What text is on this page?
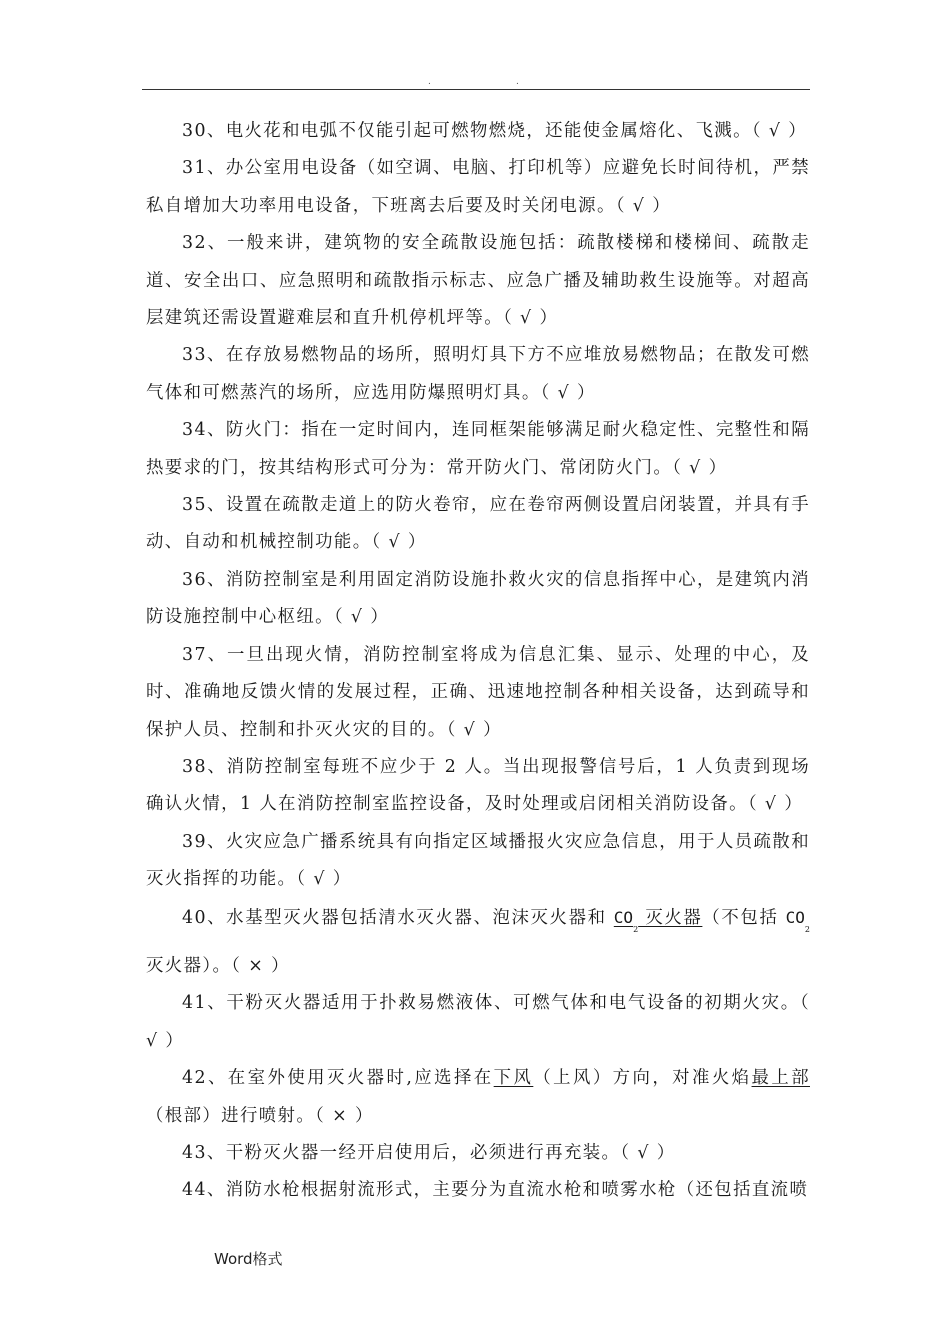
.	.

30、电火花和电弧不仅能引起可燃物燃烧，还能使金属熔化、飞溅。（ √ ）

31、办公室用电设备（如空调、电脑、打印机等）应避免长时间待机，严禁私自增加大功率用电设备，下班离去后要及时关闭电源。（ √ ）

32、一般来讲，建筑物的安全疏散设施包括：疏散楼梯和楼梯间、疏散走道、安全出口、应急照明和疏散指示标志、应急广播及辅助救生设施等。对超高层建筑还需设置避难层和直升机停机坪等。（ √ ）

33、在存放易燃物品的场所，照明灯具下方不应堆放易燃物品；在散发可燃气体和可燃蒸汽的场所，应选用防爆照明灯具。（ √ ）

34、防火门：指在一定时间内，连同框架能够满足耐火稳定性、完整性和隔热要求的门，按其结构形式可分为：常开防火门、常闭防火门。（ √ ）

35、设置在疏散走道上的防火卷帘，应在卷帘两侧设置启闭装置，并具有手动、自动和机械控制功能。（ √ ）

36、消防控制室是利用固定消防设施扑救火灾的信息指挥中心，是建筑内消防设施控制中心枢纽。（ √ ）

37、一旦出现火情，消防控制室将成为信息汇集、显示、处理的中心，及时、准确地反馈火情的发展过程，正确、迅速地控制各种相关设备，达到疏导和保护人员、控制和扑灭火灾的目的。（ √ ）

38、消防控制室每班不应少于 2 人。当出现报警信号后，1 人负责到现场确认火情，1 人在消防控制室监控设备，及时处理或启闭相关消防设备。（ √ ）

39、火灾应急广播系统具有向指定区域播报火灾应急信息，用于人员疏散和灭火指挥的功能。（ √ ）

40、水基型灭火器包括清水灭火器、泡沫灭火器和 $CO_2$ 灭火器（不包括 $CO_2$灭火器）。（ × ）

41、干粉灭火器适用于扑救易燃液体、可燃气体和电气设备的初期火灾。（ √ ）

42、在室外使用灭火器时,应选择在下风（上风）方向，对准火焰最上部（根部）进行喷射。（ × ）

43、干粉灭火器一经开启使用后，必须进行再充装。（ √ ）

44、消防水枪根据射流形式，主要分为直流水枪和喷雾水枪（还包括直流喷

Word格式
